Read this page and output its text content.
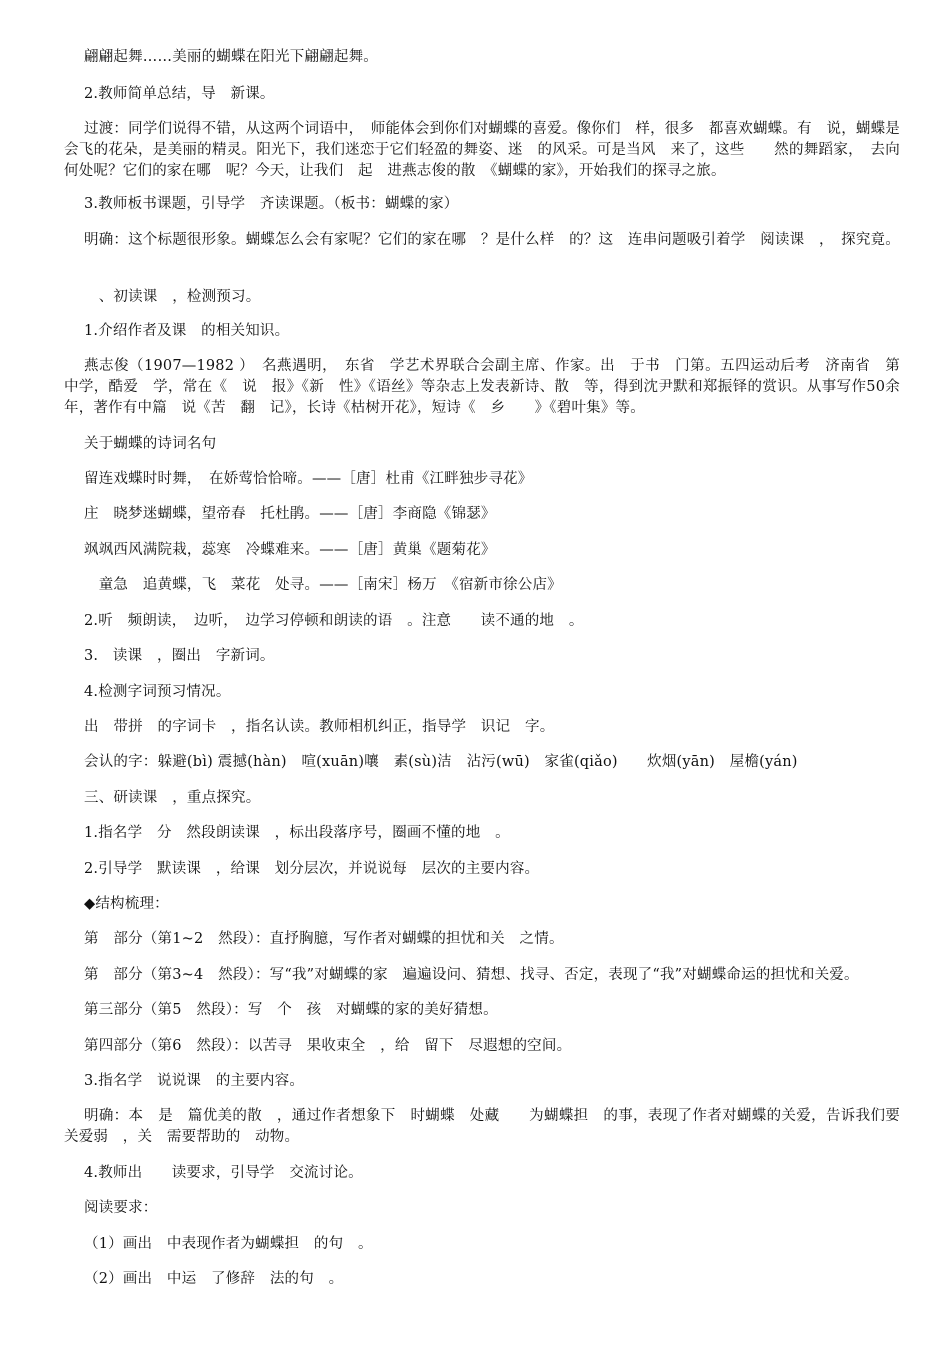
翩翩起舞……美丽的蝴蝶在阳光下翩翩起舞。

2.教师简单总结，导　新课。

过渡：同学们说得不错，从这两个词语中，　师能体会到你们对蝴蝶的喜爱。像你们　样，很多　都喜欢蝴蝶。有　说，蝴蝶是会飞的花朵，是美丽的精灵。阳光下，我们迷恋于它们轻盈的舞姿、迷　的风采。可是当风　来了，这些　　然的舞蹈家，　去向何处呢？它们的家在哪　呢？今天，让我们　起　进燕志俊的散　《蝴蝶的家》，开始我们的探寻之旅。

3.教师板书课题，引导学　齐读课题。（板书：蝴蝶的家）

明确：这个标题很形象。蝴蝶怎么会有家呢？它们的家在哪　？是什么样　的？这　连串问题吸引着学　阅读课　，　探究竟。

　、初读课　，检测预习。

1.介绍作者及课　的相关知识。

燕志俊（1907—1982 ）　名燕遇明，　东省　学艺术界联合会副主席、作家。出　于书　门第。五四运动后考　济南省　第　中学，酷爱　学，常在《　说　报》《新　性》《语丝》等杂志上发表新诗、散　等，得到沈尹默和郑振铎的赏识。从事写作50余年，著作有中篇　说《苦　翻　记》，长诗《枯树开花》，短诗《　乡　　》《碧叶集》等。

关于蝴蝶的诗词名句

留连戏蝶时时舞，　在娇莺恰恰啼。——［唐］杜甫《江畔独步寻花》

庄　晓梦迷蝴蝶，望帝春　托杜鹃。——［唐］李商隐《锦瑟》

飒飒西风满院栽，蕊寒　冷蝶难来。——［唐］黄巢《题菊花》

　童急　追黄蝶，飞　菜花　处寻。——［南宋］杨万　《宿新市徐公店》

2.听　频朗读，　边听，　边学习停顿和朗读的语　。注意　　读不通的地　。

3.　读课　，圈出　字新词。

4.检测字词预习情况。

出　带拼　的字词卡　，指名认读。教师相机纠正，指导学　识记　字。

会认的字：躲避(bì) 震撼(hàn)　喧(xuān)嚷　素(sù)洁　沾污(wū)　家雀(qiǎo)　　炊烟(yān)　屋檐(yán)

三、研读课　，重点探究。

1.指名学　分　然段朗读课　，标出段落序号，圈画不懂的地　。

2.引导学　默读课　，给课　划分层次，并说说每　层次的主要内容。

◆结构梳理：

第　部分（第1~2　然段）：直抒胸臆，写作者对蝴蝶的担忧和关　之情。

第　部分（第3~4　然段）：写“我”对蝴蝶的家　遍遍设问、猜想、找寻、否定，表现了“我”对蝴蝶命运的担忧和关爱。

第三部分（第5　然段）：写　个　孩　对蝴蝶的家的美好猜想。

第四部分（第6　然段）：以苦寻　果收束全　，给　留下　尽遐想的空间。

3.指名学　说说课　的主要内容。

明确：本　是　篇优美的散　，通过作者想象下　时蝴蝶　处藏　　为蝴蝶担　的事，表现了作者对蝴蝶的关爱，告诉我们要关爱弱　，关　需要帮助的　动物。

4.教师出　　读要求，引导学　交流讨论。

阅读要求：

（1）画出　中表现作者为蝴蝶担　的句　。

（2）画出　中运　了修辞　法的句　。
